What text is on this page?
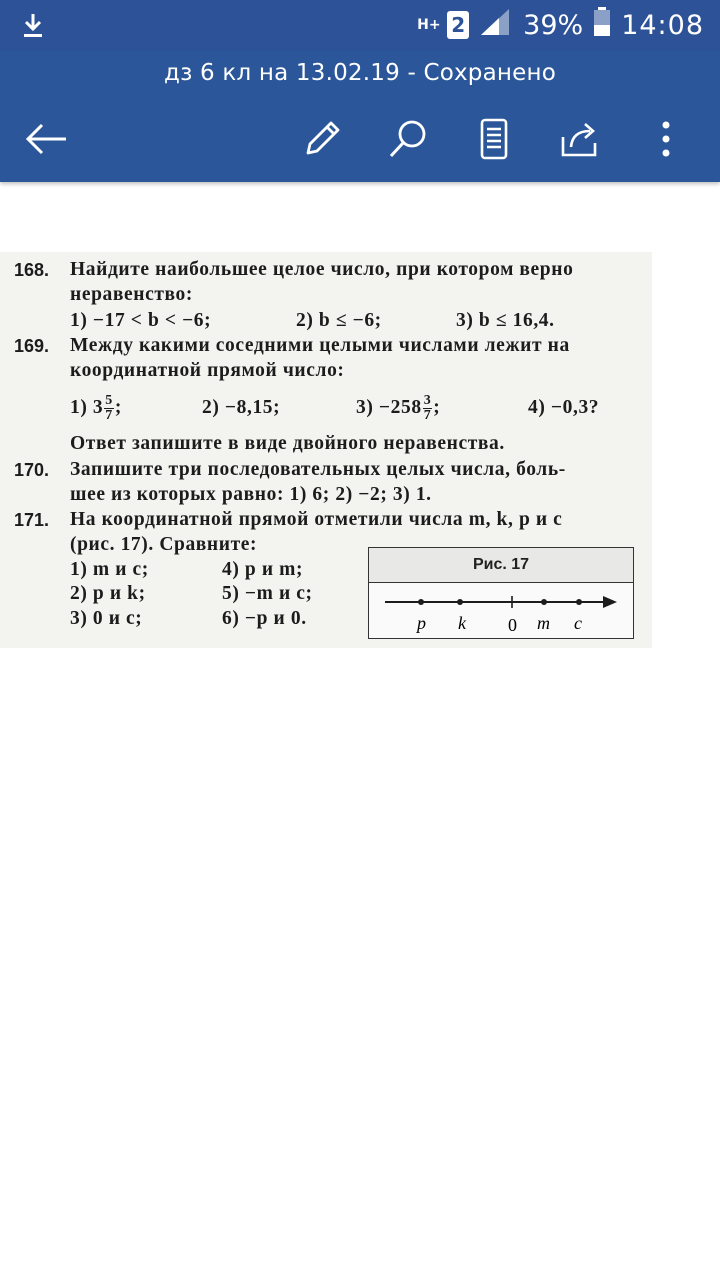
H+ 2 39% 14:08
дз 6 кл на 13.02.19 - Сохранено
168.	Найдите наибольшее целое число, при котором верно
неравенство:
1) −17 < b < −6;	2) b ≤ −6;	3) b ≤ 16,4.
169.	Между какими соседними целыми числами лежит на
координатной прямой число:
1) $3 \frac{5}{7}$ ;	2) −8,15;	$3) -258 \frac{3}{7}$ ;	4) −0,3?
Ответ запишите в виде двойного неравенства.
170.	Запишите три последовательных целых числа, боль-
шее из которых равно: 1) 6; 2) −2; 3) 1.
171.	На координатной прямой отметили числа m, k, p и c
(рис. 17). Сравните:
1) m и c;
2) p и k;
3) 0 и c;
4) p и m;
5) −m и c;
6) −p и 0.
Рис. 17
p k 0 m c
